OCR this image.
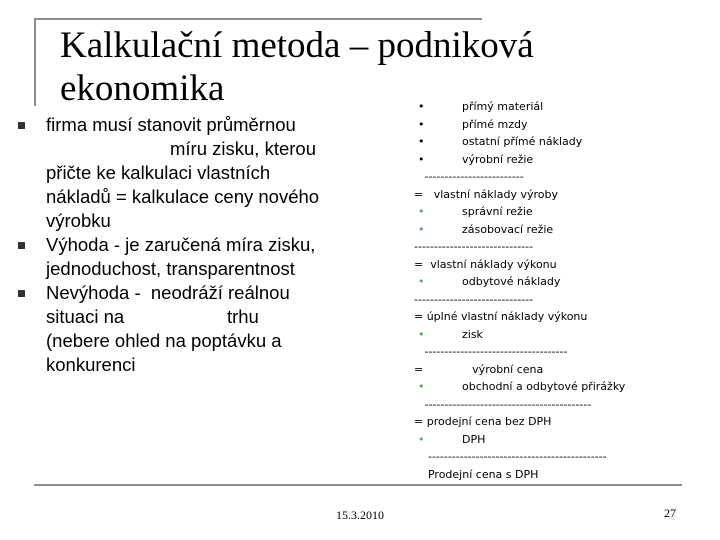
Kalkulační metoda – podniková
ekonomika
firma musí stanovit průměrnou
míru zisku, kterou
přičte ke kalkulaci vlastních
nákladů = kalkulace ceny nového
výrobku
Výhoda - je zaručená míra zisku,
jednoduchost, transparentnost
Nevýhoda -  neodráží reálnou
situaci na                    trhu
(nebere ohled na poptávku a
konkurenci
•	přímý materiál
•	přímé mzdy
•	ostatní přímé náklady
•	výrobní režie
-------------------------
=   vlastní náklady výroby
•	správní režie
•	zásobovací režie
------------------------------
=  vlastní náklady výkonu
•	odbytové náklady
------------------------------
= úplné vlastní náklady výkonu
•	zisk
------------------------------------
=              výrobní cena
•	obchodní a odbytové přirážky
------------------------------------------
= prodejní cena bez DPH
•	DPH
---------------------------------------------
Prodejní cena s DPH
15.3.2010	27
